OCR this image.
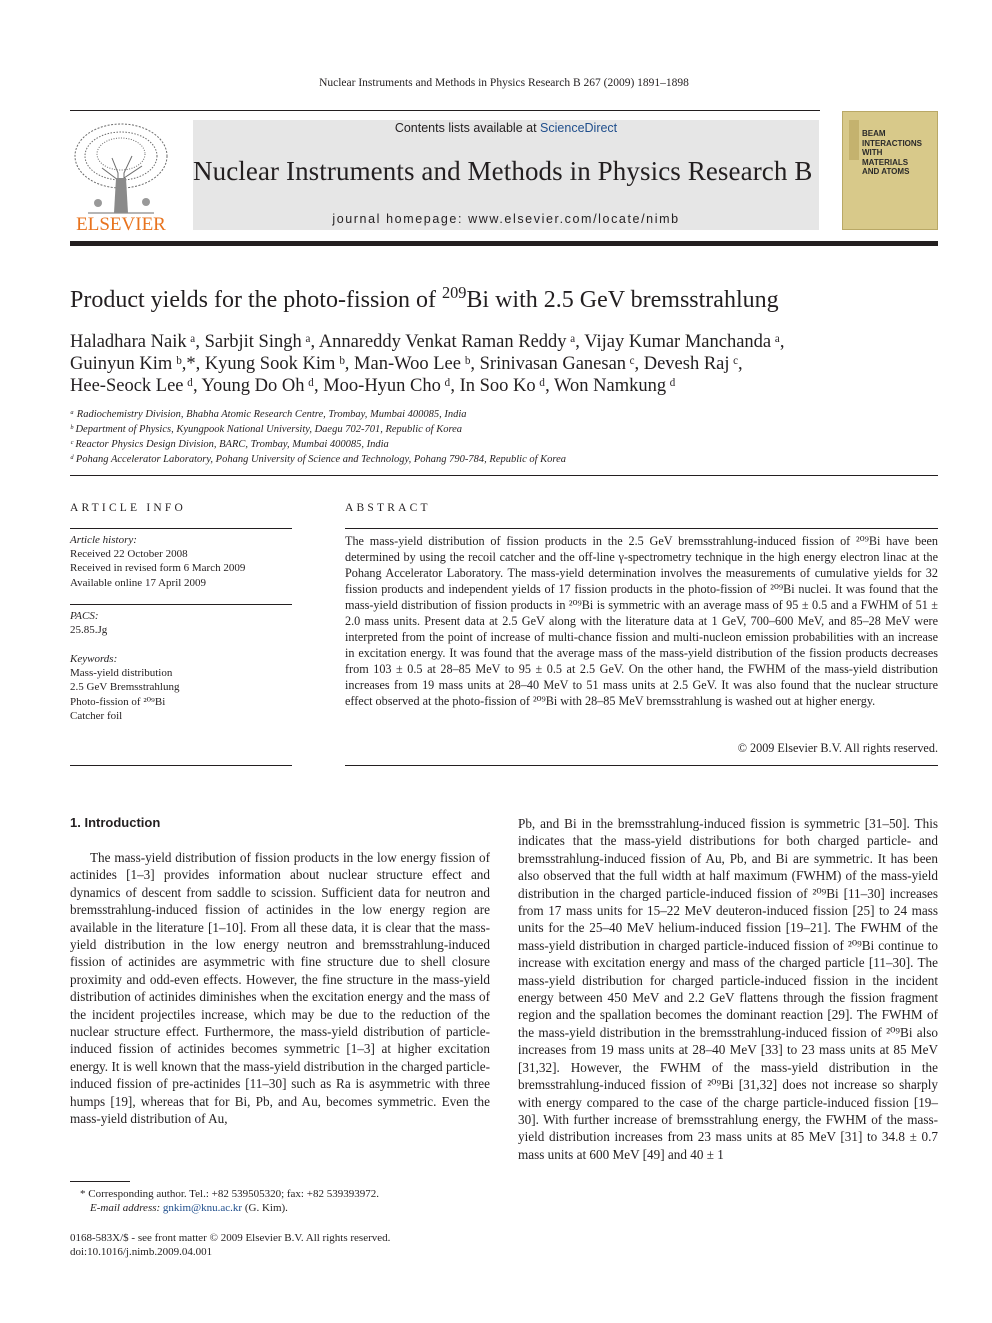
Nuclear Instruments and Methods in Physics Research B 267 (2009) 1891–1898
ELSEVIER
Contents lists available at ScienceDirect
Nuclear Instruments and Methods in Physics Research B
journal homepage: www.elsevier.com/locate/nimb
BEAM
INTERACTIONS
WITH
MATERIALS
AND ATOMS
Product yields for the photo-fission of $^{209}$Bi with 2.5 GeV bremsstrahlung
Haladhara Naik ᵃ, Sarbjit Singh ᵃ, Annareddy Venkat Raman Reddy ᵃ, Vijay Kumar Manchanda ᵃ,
Guinyun Kim ᵇ,*, Kyung Sook Kim ᵇ, Man-Woo Lee ᵇ, Srinivasan Ganesan ᶜ, Devesh Raj ᶜ,
Hee-Seock Lee ᵈ, Young Do Oh ᵈ, Moo-Hyun Cho ᵈ, In Soo Ko ᵈ, Won Namkung ᵈ
ᵃ Radiochemistry Division, Bhabha Atomic Research Centre, Trombay, Mumbai 400085, India
ᵇ Department of Physics, Kyungpook National University, Daegu 702-701, Republic of Korea
ᶜ Reactor Physics Design Division, BARC, Trombay, Mumbai 400085, India
ᵈ Pohang Accelerator Laboratory, Pohang University of Science and Technology, Pohang 790-784, Republic of Korea
ARTICLE INFO
Article history:
Received 22 October 2008
Received in revised form 6 March 2009
Available online 17 April 2009
PACS:
25.85.Jg
Keywords:
Mass-yield distribution
2.5 GeV Bremsstrahlung
Photo-fission of ²⁰⁹Bi
Catcher foil
ABSTRACT
The mass-yield distribution of fission products in the 2.5 GeV bremsstrahlung-induced fission of ²⁰⁹Bi have been determined by using the recoil catcher and the off-line γ-spectrometry technique in the high energy electron linac at the Pohang Accelerator Laboratory. The mass-yield determination involves the measurements of cumulative yields for 32 fission products and independent yields of 17 fission products in the photo-fission of ²⁰⁹Bi nuclei. It was found that the mass-yield distribution of fission products in ²⁰⁹Bi is symmetric with an average mass of 95 ± 0.5 and a FWHM of 51 ± 2.0 mass units. Present data at 2.5 GeV along with the literature data at 1 GeV, 700–600 MeV, and 85–28 MeV were interpreted from the point of increase of multi-chance fission and multi-nucleon emission probabilities with an increase in excitation energy. It was found that the average mass of the mass-yield distribution of the fission products decreases from 103 ± 0.5 at 28–85 MeV to 95 ± 0.5 at 2.5 GeV. On the other hand, the FWHM of the mass-yield distribution increases from 19 mass units at 28–40 MeV to 51 mass units at 2.5 GeV. It was also found that the nuclear structure effect observed at the photo-fission of ²⁰⁹Bi with 28–85 MeV bremsstrahlung is washed out at higher energy.
© 2009 Elsevier B.V. All rights reserved.
1. Introduction
The mass-yield distribution of fission products in the low energy fission of actinides [1–3] provides information about nuclear structure effect and dynamics of descent from saddle to scission. Sufficient data for neutron and bremsstrahlung-induced fission of actinides in the low energy region are available in the literature [1–10]. From all these data, it is clear that the mass-yield distribution in the low energy neutron and bremsstrahlung-induced fission of actinides are asymmetric with fine structure due to shell closure proximity and odd-even effects. However, the fine structure in the mass-yield distribution of actinides diminishes when the excitation energy and the mass of the incident projectiles increase, which may be due to the reduction of the nuclear structure effect. Furthermore, the mass-yield distribution of particle-induced fission of actinides becomes symmetric [1–3] at higher excitation energy. It is well known that the mass-yield distribution in the charged particle-induced fission of pre-actinides [11–30] such as Ra is asymmetric with three humps [19], whereas that for Bi, Pb, and Au, becomes symmetric. Even the mass-yield distribution of Au,
Pb, and Bi in the bremsstrahlung-induced fission is symmetric [31–50]. This indicates that the mass-yield distributions for both charged particle- and bremsstrahlung-induced fission of Au, Pb, and Bi are symmetric. It has been also observed that the full width at half maximum (FWHM) of the mass-yield distribution in the charged particle-induced fission of ²⁰⁹Bi [11–30] increases from 17 mass units for 15–22 MeV deuteron-induced fission [25] to 24 mass units for the 25–40 MeV helium-induced fission [19–21]. The FWHM of the mass-yield distribution in charged particle-induced fission of ²⁰⁹Bi continue to increase with excitation energy and mass of the charged particle [11–30]. The mass-yield distribution for charged particle-induced fission in the incident energy between 450 MeV and 2.2 GeV flattens through the fission fragment region and the spallation becomes the dominant reaction [29]. The FWHM of the mass-yield distribution in the bremsstrahlung-induced fission of ²⁰⁹Bi also increases from 19 mass units at 28–40 MeV [33] to 23 mass units at 85 MeV [31,32]. However, the FWHM of the mass-yield distribution in the bremsstrahlung-induced fission of ²⁰⁹Bi [31,32] does not increase so sharply with energy compared to the case of the charge particle-induced fission [19–30]. With further increase of bremsstrahlung energy, the FWHM of the mass-yield distribution increases from 23 mass units at 85 MeV [31] to 34.8 ± 0.7 mass units at 600 MeV [49] and 40 ± 1
* Corresponding author. Tel.: +82 539505320; fax: +82 539393972.
E-mail address: gnkim@knu.ac.kr (G. Kim).
0168-583X/$ - see front matter © 2009 Elsevier B.V. All rights reserved.
doi:10.1016/j.nimb.2009.04.001
